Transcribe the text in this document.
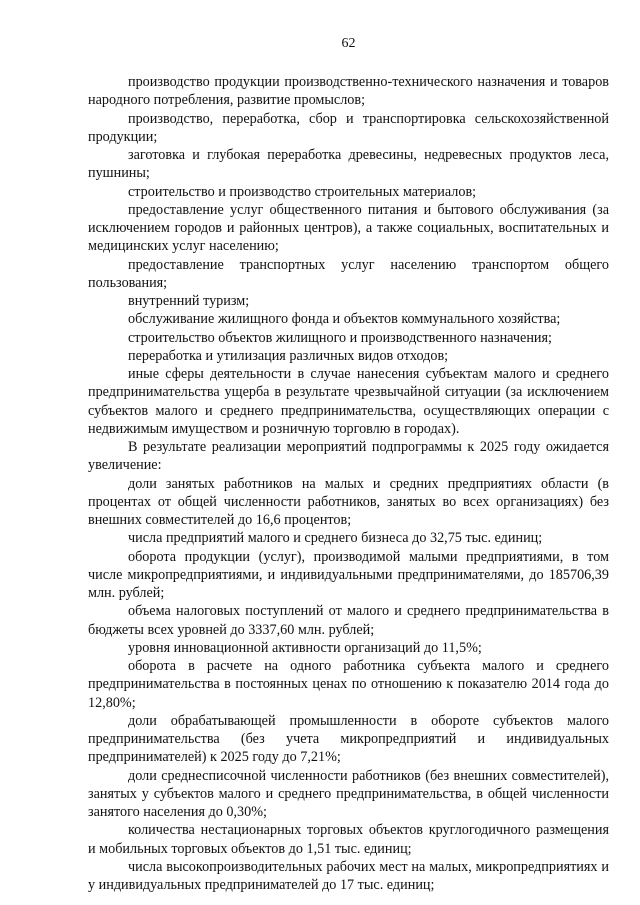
62

производство продукции производственно-технического назначения и товаров народного потребления, развитие промыслов;

производство, переработка, сбор и транспортировка сельскохозяйственной продукции;

заготовка и глубокая переработка древесины, недревесных продуктов леса, пушнины;

строительство и производство строительных материалов;

предоставление услуг общественного питания и бытового обслуживания (за исключением городов и районных центров), а также социальных, воспитательных и медицинских услуг населению;

предоставление транспортных услуг населению транспортом общего пользования;

внутренний туризм;

обслуживание жилищного фонда и объектов коммунального хозяйства;

строительство объектов жилищного и производственного назначения;

переработка и утилизация различных видов отходов;

иные сферы деятельности в случае нанесения субъектам малого и среднего предпринимательства ущерба в результате чрезвычайной ситуации (за исключением субъектов малого и среднего предпринимательства, осуществляющих операции с недвижимым имуществом и розничную торговлю в городах).

В результате реализации мероприятий подпрограммы к 2025 году ожидается увеличение:

доли занятых работников на малых и средних предприятиях области (в процентах от общей численности работников, занятых во всех организациях) без внешних совместителей до 16,6 процентов;

числа предприятий малого и среднего бизнеса до 32,75 тыс. единиц;

оборота продукции (услуг), производимой малыми предприятиями, в том числе микропредприятиями, и индивидуальными предпринимателями, до 185706,39 млн. рублей;

объема налоговых поступлений от малого и среднего предпринимательства в бюджеты всех уровней до 3337,60 млн. рублей;

уровня инновационной активности организаций до 11,5%;

оборота в расчете на одного работника субъекта малого и среднего предпринимательства в постоянных ценах по отношению к показателю 2014 года до 12,80%;

доли обрабатывающей промышленности в обороте субъектов малого предпринимательства (без учета микропредприятий и индивидуальных предпринимателей) к 2025 году до 7,21%;

доли среднесписочной численности работников (без внешних совместителей), занятых у субъектов малого и среднего предпринимательства, в общей численности занятого населения до 0,30%;

количества нестационарных торговых объектов круглогодичного размещения и мобильных торговых объектов до 1,51 тыс. единиц;

числа высокопроизводительных рабочих мест на малых, микропредприятиях и у индивидуальных предпринимателей до 17 тыс. единиц;
